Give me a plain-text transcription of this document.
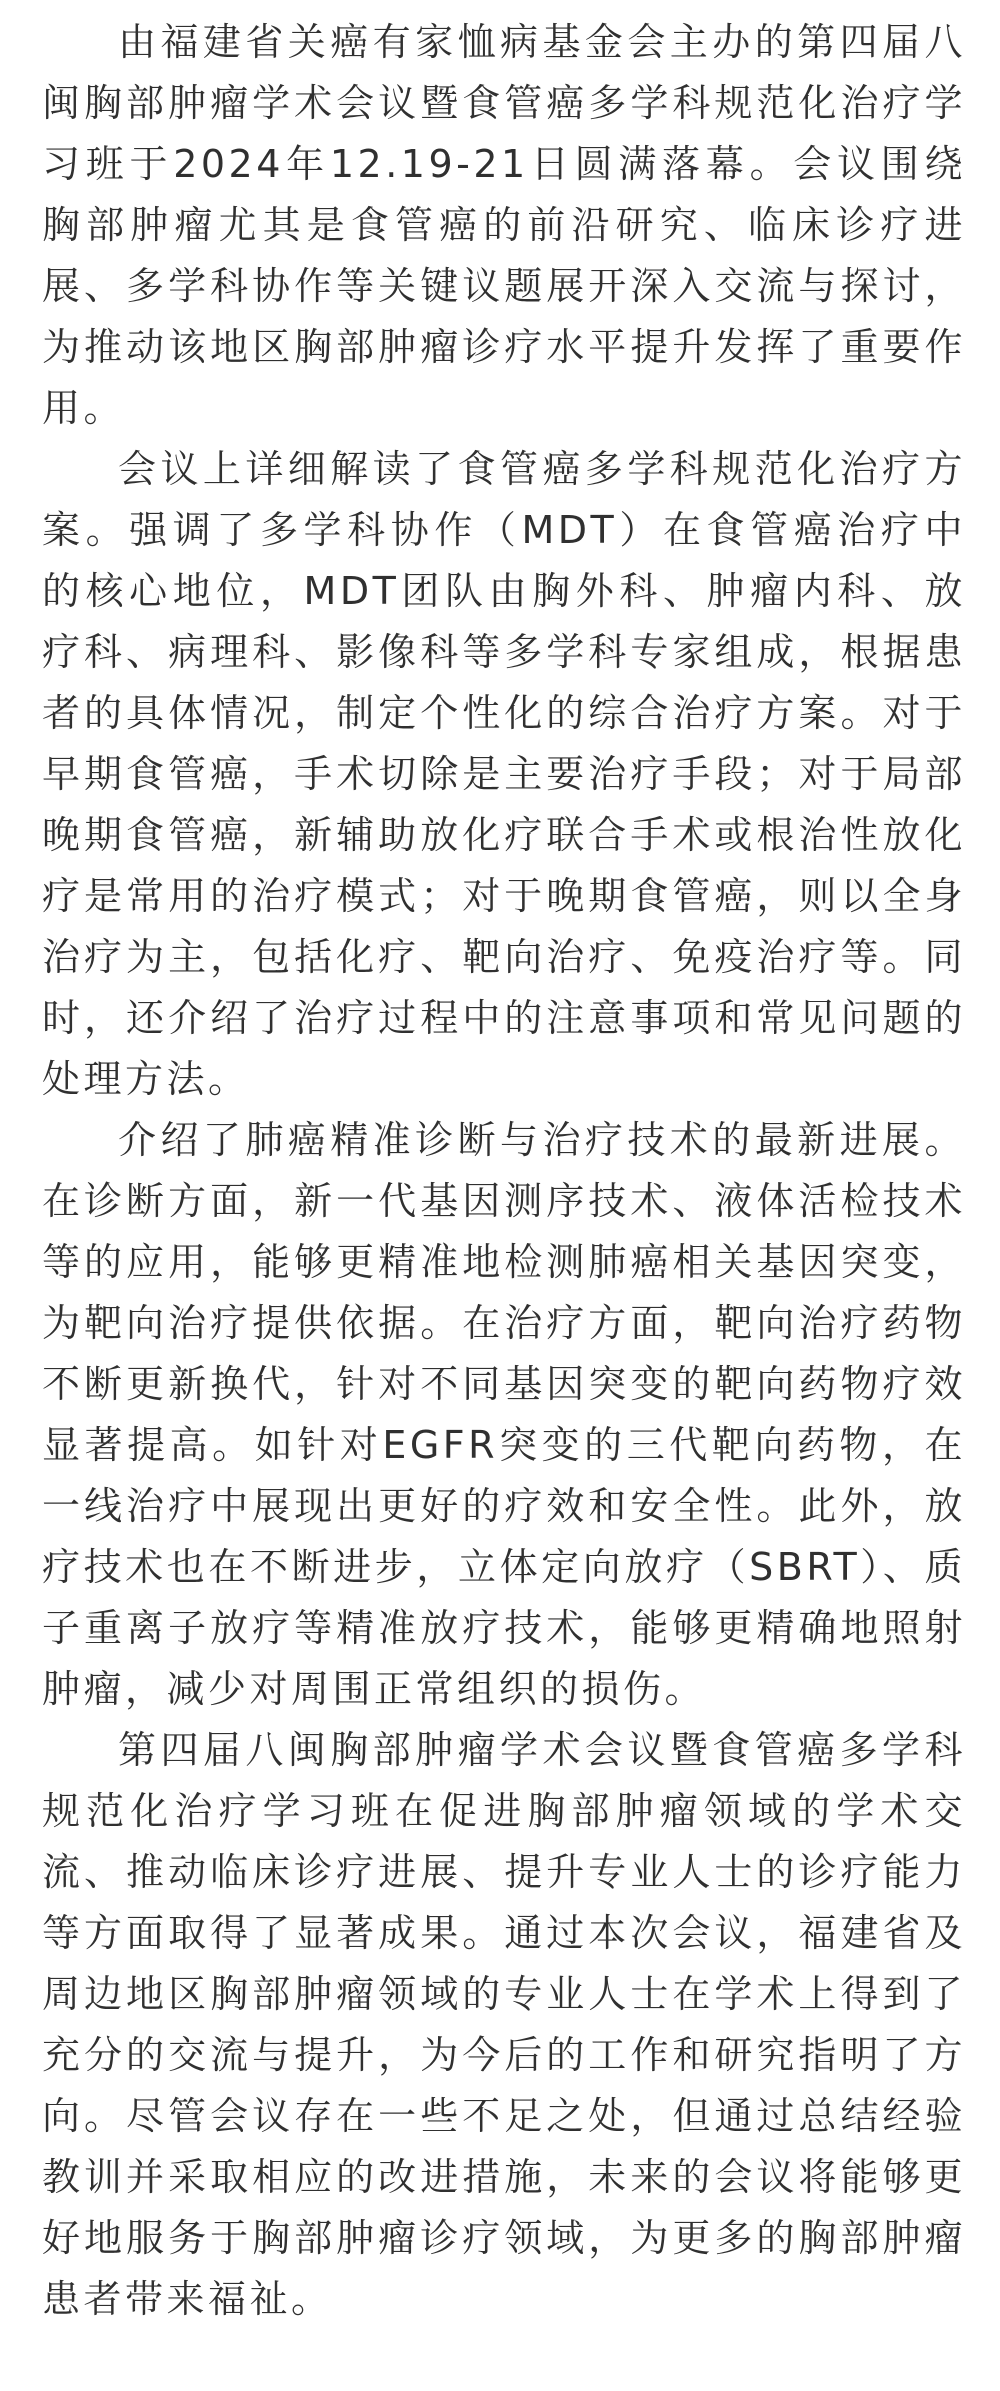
由福建省关癌有家恤病基金会主办的第四届八闽胸部肿瘤学术会议暨食管癌多学科规范化治疗学习班于2024年12.19-21日圆满落幕。会议围绕胸部肿瘤尤其是食管癌的前沿研究、临床诊疗进展、多学科协作等关键议题展开深入交流与探讨，为推动该地区胸部肿瘤诊疗水平提升发挥了重要作用。

会议上详细解读了食管癌多学科规范化治疗方案。强调了多学科协作（MDT）在食管癌治疗中的核心地位，MDT团队由胸外科、肿瘤内科、放疗科、病理科、影像科等多学科专家组成，根据患者的具体情况，制定个性化的综合治疗方案。对于早期食管癌，手术切除是主要治疗手段；对于局部晚期食管癌，新辅助放化疗联合手术或根治性放化疗是常用的治疗模式；对于晚期食管癌，则以全身治疗为主，包括化疗、靶向治疗、免疫治疗等。同时，还介绍了治疗过程中的注意事项和常见问题的处理方法。

介绍了肺癌精准诊断与治疗技术的最新进展。在诊断方面，新一代基因测序技术、液体活检技术等的应用，能够更精准地检测肺癌相关基因突变，为靶向治疗提供依据。在治疗方面，靶向治疗药物不断更新换代，针对不同基因突变的靶向药物疗效显著提高。如针对EGFR突变的三代靶向药物，在一线治疗中展现出更好的疗效和安全性。此外，放疗技术也在不断进步，立体定向放疗（SBRT）、质子重离子放疗等精准放疗技术，能够更精确地照射肿瘤，减少对周围正常组织的损伤。

第四届八闽胸部肿瘤学术会议暨食管癌多学科规范化治疗学习班在促进胸部肿瘤领域的学术交流、推动临床诊疗进展、提升专业人士的诊疗能力等方面取得了显著成果。通过本次会议，福建省及周边地区胸部肿瘤领域的专业人士在学术上得到了充分的交流与提升，为今后的工作和研究指明了方向。尽管会议存在一些不足之处，但通过总结经验教训并采取相应的改进措施，未来的会议将能够更好地服务于胸部肿瘤诊疗领域，为更多的胸部肿瘤患者带来福祉。
